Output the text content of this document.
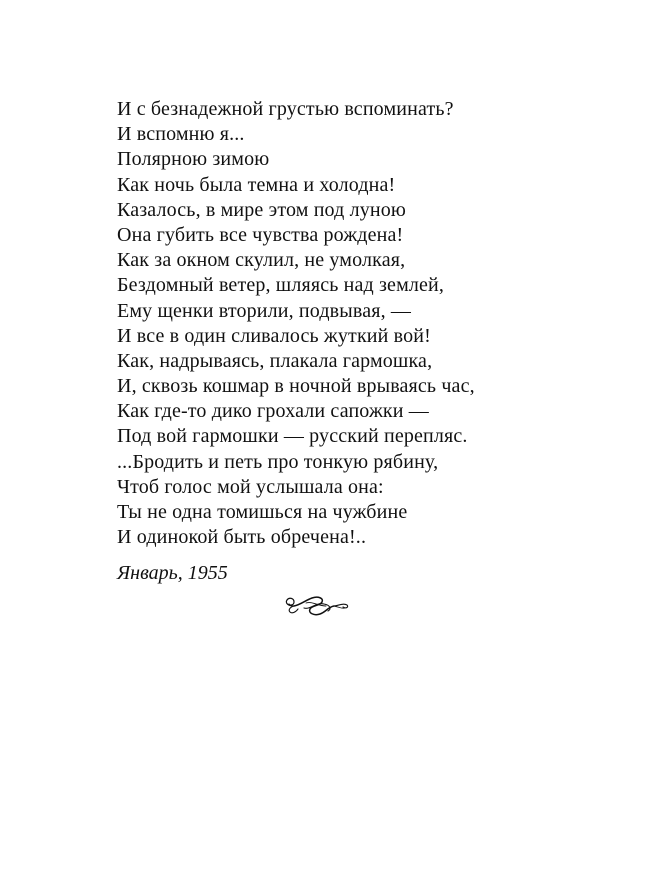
И с безнадежной грустью вспоминать?
И вспомню я...
Полярною зимою
Как ночь была темна и холодна!
Казалось, в мире этом под луною
Она губить все чувства рождена!
Как за окном скулил, не умолкая,
Бездомный ветер, шляясь над землей,
Ему щенки вторили, подвывая, —
И все в один сливалось жуткий вой!
Как, надрываясь, плакала гармошка,
И, сквозь кошмар в ночной врываясь час,
Как где-то дико грохали сапожки —
Под вой гармошки — русский перепляс.
...Бродить и петь про тонкую рябину,
Чтоб голос мой услышала она:
Ты не одна томишься на чужбине
И одинокой быть обречена!..
Январь, 1955
